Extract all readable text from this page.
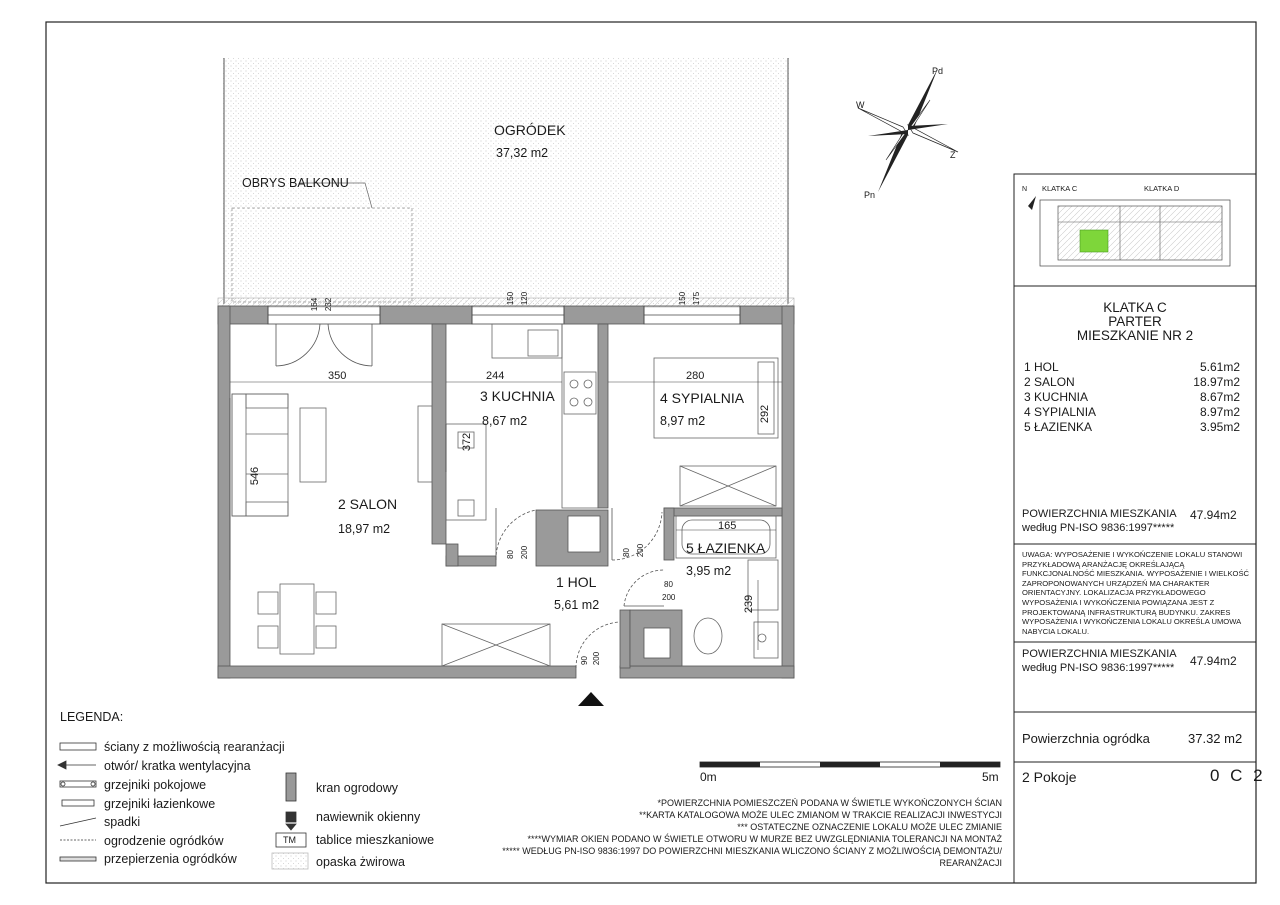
OGRÓDEK
37,32 m2
OBRYS BALKONU
2 SALON
18,97 m2
3 KUCHNIA
8,67 m2
4 SYPIALNIA
8,97 m2
5 ŁAZIENKA
3,95 m2
1 HOL
5,61 m2
350
546
244
372
280
292
165
239
164 232	150 120	150 175
80 200	80 200
80
200
90 200
Pd
W
Z
Pn
0m	5m
LEGENDA:
ściany z możliwością rearanżacji
otwór/ kratka wentylacyjna
grzejniki pokojowe
grzejniki łazienkowe
spadki
ogrodzenie ogródków
przepierzenia ogródków
kran ogrodowy
nawiewnik okienny
tablice mieszkaniowe
opaska żwirowa
TM
*POWIERZCHNIA POMIESZCZEŃ PODANA W ŚWIETLE WYKOŃCZONYCH ŚCIAN
**KARTA KATALOGOWA MOŻE ULEC ZMIANOM W TRAKCIE REALIZACJI INWESTYCJI
*** OSTATECZNE OZNACZENIE LOKALU MOŻE ULEC ZMIANIE
****WYMIAR OKIEN PODANO W ŚWIETLE OTWORU W MURZE BEZ UWZGLĘDNIANIA TOLERANCJI NA MONTAŻ
***** WEDŁUG PN-ISO 9836:1997 DO POWIERZCHNI MIESZKANIA WLICZONO ŚCIANY Z MOŻLIWOŚCIĄ DEMONTAŻU/
REARANŻACJI
KLATKA C	KLATKA D
N
KLATKA C
PARTER
MIESZKANIE NR 2
1 HOL	5.61m2
2 SALON	18.97m2
3 KUCHNIA	8.67m2
4 SYPIALNIA	8.97m2
5 ŁAZIENKA	3.95m2
POWIERZCHNIA MIESZKANIA
według PN-ISO 9836:1997*****
47.94m2
UWAGA: WYPOSAŻENIE I WYKOŃCZENIE LOKALU STANOWI PRZYKŁADOWĄ ARANŻACJĘ OKREŚLAJĄCĄ FUNKCJONALNOŚĆ MIESZKANIA. WYPOSAŻENIE I WIELKOŚĆ ZAPROPONOWANYCH URZĄDZEŃ MA CHARAKTER ORIENTACYJNY. LOKALIZACJA PRZYKŁADOWEGO WYPOSAŻENIA I WYKOŃCZENIA POWIĄZANA JEST Z PROJEKTOWANĄ INFRASTRUKTURĄ BUDYNKU. ZAKRES WYPOSAŻENIA I WYKOŃCZENIA LOKALU OKREŚLA UMOWA NABYCIA LOKALU.
POWIERZCHNIA MIESZKANIA
według PN-ISO 9836:1997***** 47.94m2
Powierzchnia ogródka	37.32 m2
2 Pokoje	0 C 2
